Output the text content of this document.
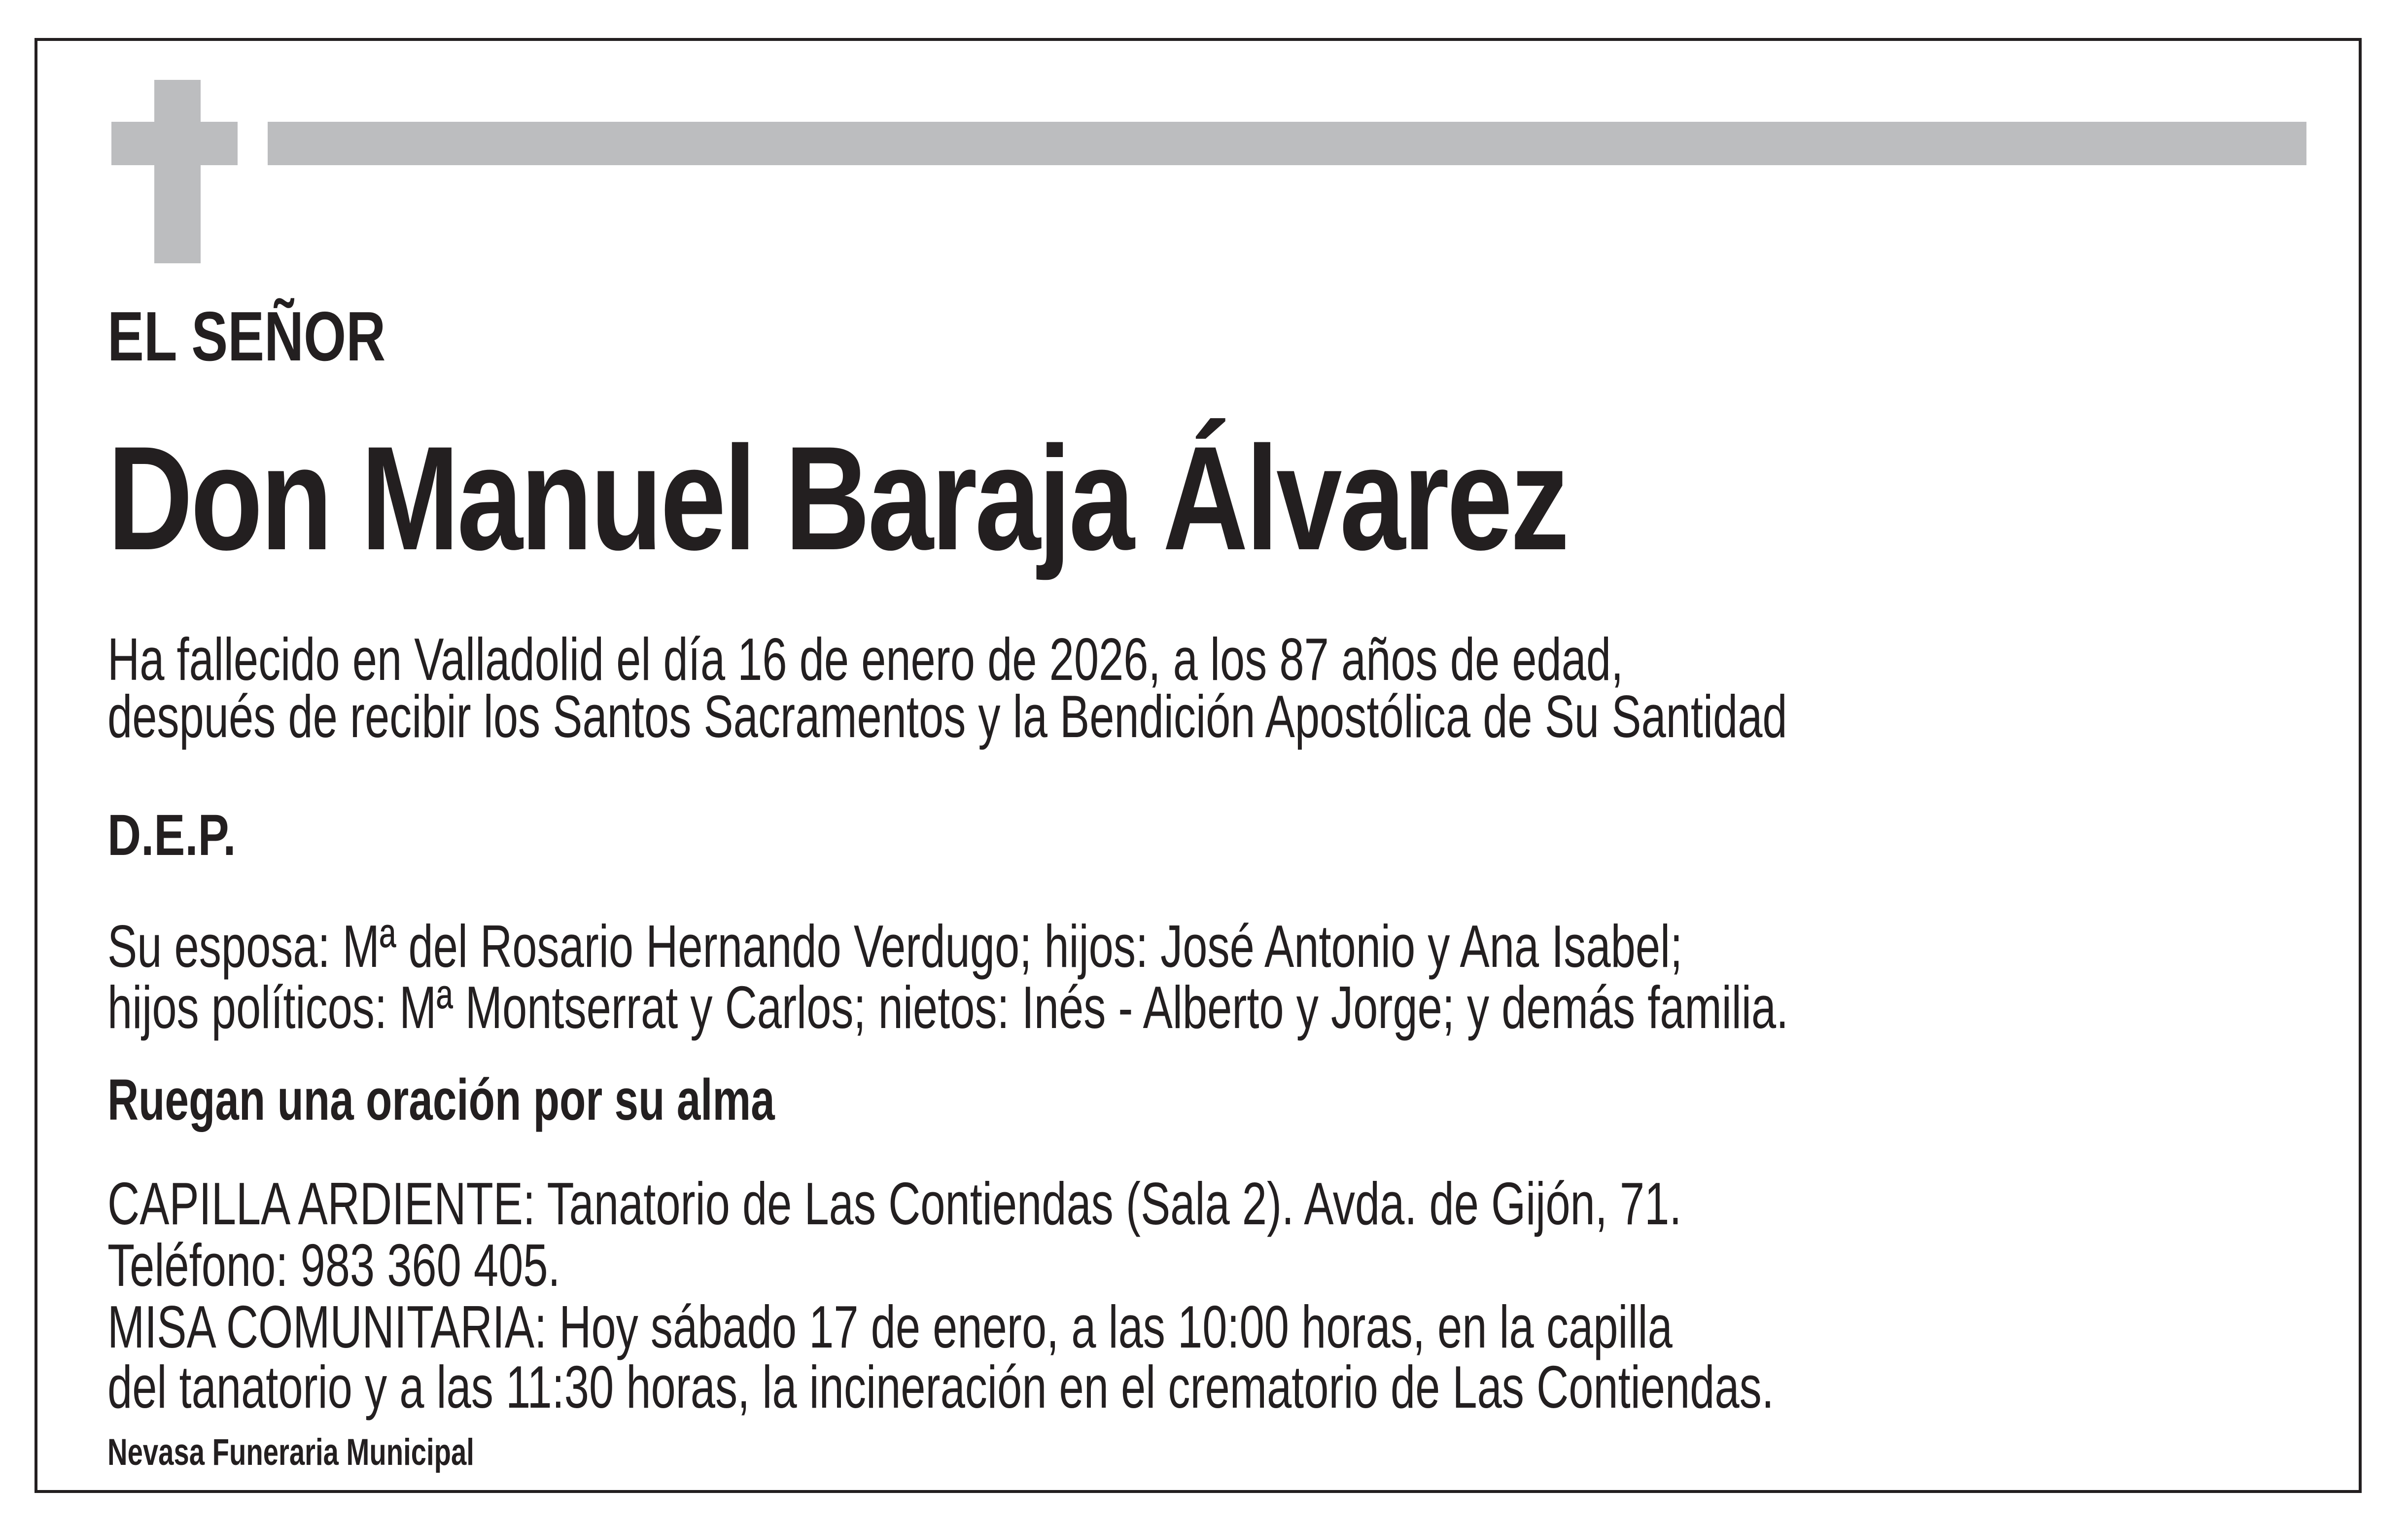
EL SEÑOR
Don Manuel Baraja Álvarez
Ha fallecido en Valladolid el día 16 de enero de 2026, a los 87 años de edad,
después de recibir los Santos Sacramentos y la Bendición Apostólica de Su Santidad
D.E.P.
Su esposa: Mª del Rosario Hernando Verdugo; hijos: José Antonio y Ana Isabel;
hijos políticos: Mª Montserrat y Carlos; nietos: Inés - Alberto y Jorge; y demás familia.
Ruegan una oración por su alma
CAPILLA ARDIENTE: Tanatorio de Las Contiendas (Sala 2). Avda. de Gijón, 71.
Teléfono: 983 360 405.
MISA COMUNITARIA: Hoy sábado 17 de enero, a las 10:00 horas, en la capilla
del tanatorio y a las 11:30 horas, la incineración en el crematorio de Las Contiendas.
Nevasa Funeraria Municipal
